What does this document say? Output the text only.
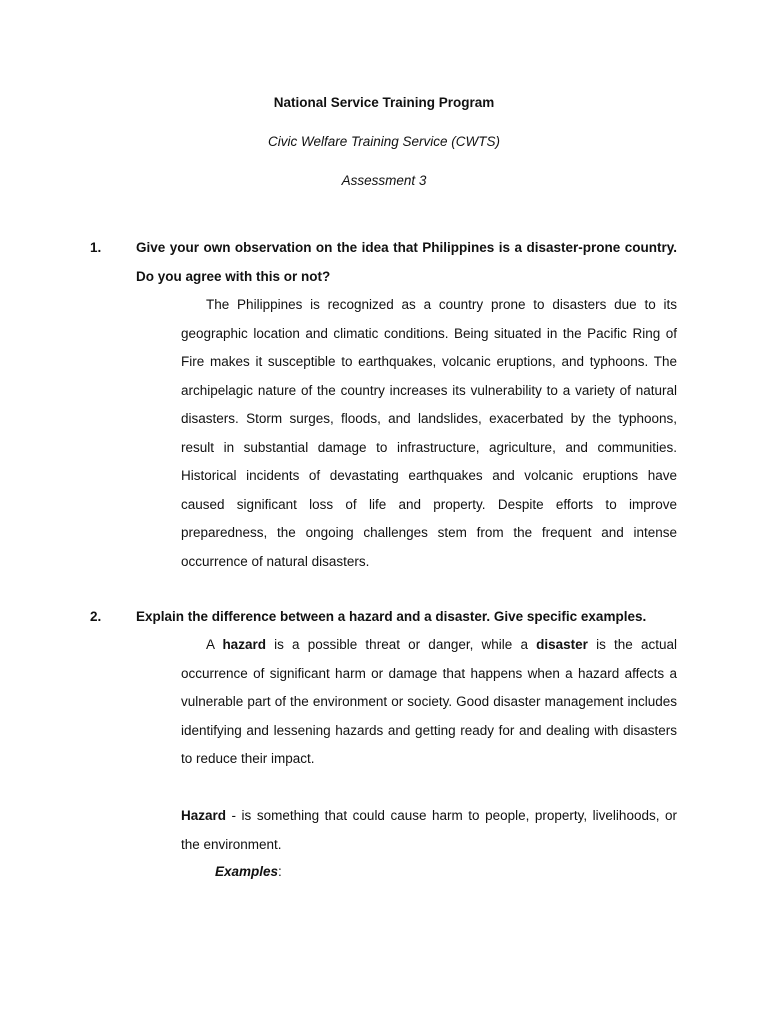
National Service Training Program
Civic Welfare Training Service (CWTS)
Assessment 3
1.	Give your own observation on the idea that Philippines is a disaster-prone country. Do you agree with this or not?

The Philippines is recognized as a country prone to disasters due to its geographic location and climatic conditions. Being situated in the Pacific Ring of Fire makes it susceptible to earthquakes, volcanic eruptions, and typhoons. The archipelagic nature of the country increases its vulnerability to a variety of natural disasters. Storm surges, floods, and landslides, exacerbated by the typhoons, result in substantial damage to infrastructure, agriculture, and communities. Historical incidents of devastating earthquakes and volcanic eruptions have caused significant loss of life and property. Despite efforts to improve preparedness, the ongoing challenges stem from the frequent and intense occurrence of natural disasters.

2.	Explain the difference between a hazard and a disaster. Give specific examples.

A hazard is a possible threat or danger, while a disaster is the actual occurrence of significant harm or damage that happens when a hazard affects a vulnerable part of the environment or society. Good disaster management includes identifying and lessening hazards and getting ready for and dealing with disasters to reduce their impact.

Hazard - is something that could cause harm to people, property, livelihoods, or the environment.

Examples:
